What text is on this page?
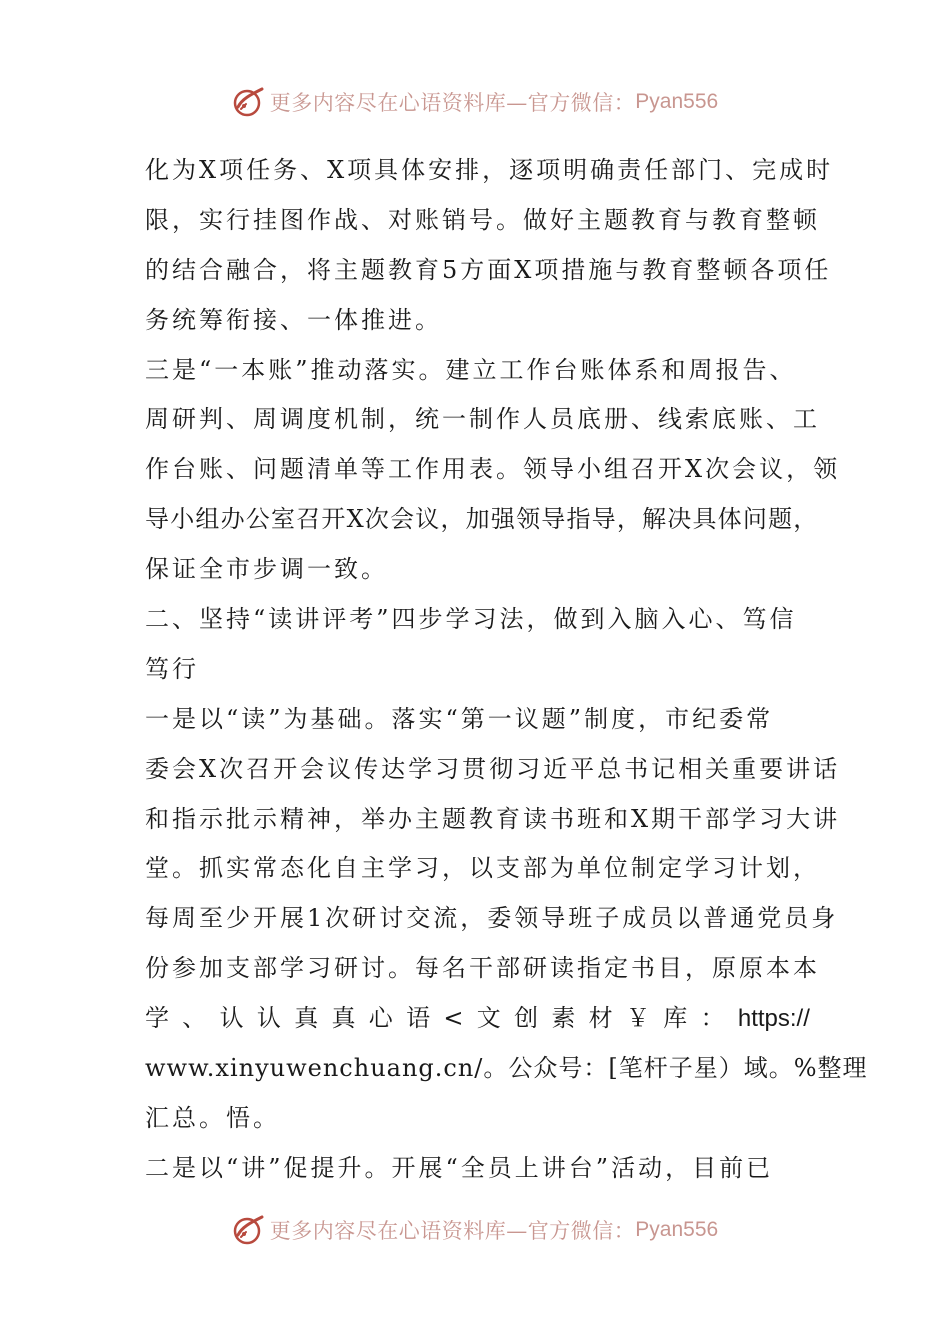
更多内容尽在心语资料库—官方微信： Pyan556
化为X项任务、X项具体安排，逐项明确责任部门、完成时
限，实行挂图作战、对账销号。做好主题教育与教育整顿
的结合融合，将主题教育5方面X项措施与教育整顿各项任
务统筹衔接、一体推进。
三是“一本账”推动落实。建立工作台账体系和周报告、
周研判、周调度机制，统一制作人员底册、线索底账、工
作台账、问题清单等工作用表。领导小组召开X次会议，领
导小组办公室召开X次会议，加强领导指导，解决具体问题，
保证全市步调一致。
二、坚持“读讲评考”四步学习法，做到入脑入心、笃信
笃行
一是以“读”为基础。落实“第一议题”制度，市纪委常
委会X次召开会议传达学习贯彻习近平总书记相关重要讲话
和指示批示精神，举办主题教育读书班和X期干部学习大讲
堂。抓实常态化自主学习，以支部为单位制定学习计划，
每周至少开展1次研讨交流，委领导班子成员以普通党员身
份参加支部学习研讨。每名干部研读指定书目，原原本本
学 、 认 认 真 真 心 语 < 文 创 素 材 ￥ 库 ： https://
www.xinyuwenchuang.cn/。公众号：[笔杆子星）域。%整理
汇总。悟。
二是以“讲”促提升。开展“全员上讲台”活动，目前已
更多内容尽在心语资料库—官方微信： Pyan556
